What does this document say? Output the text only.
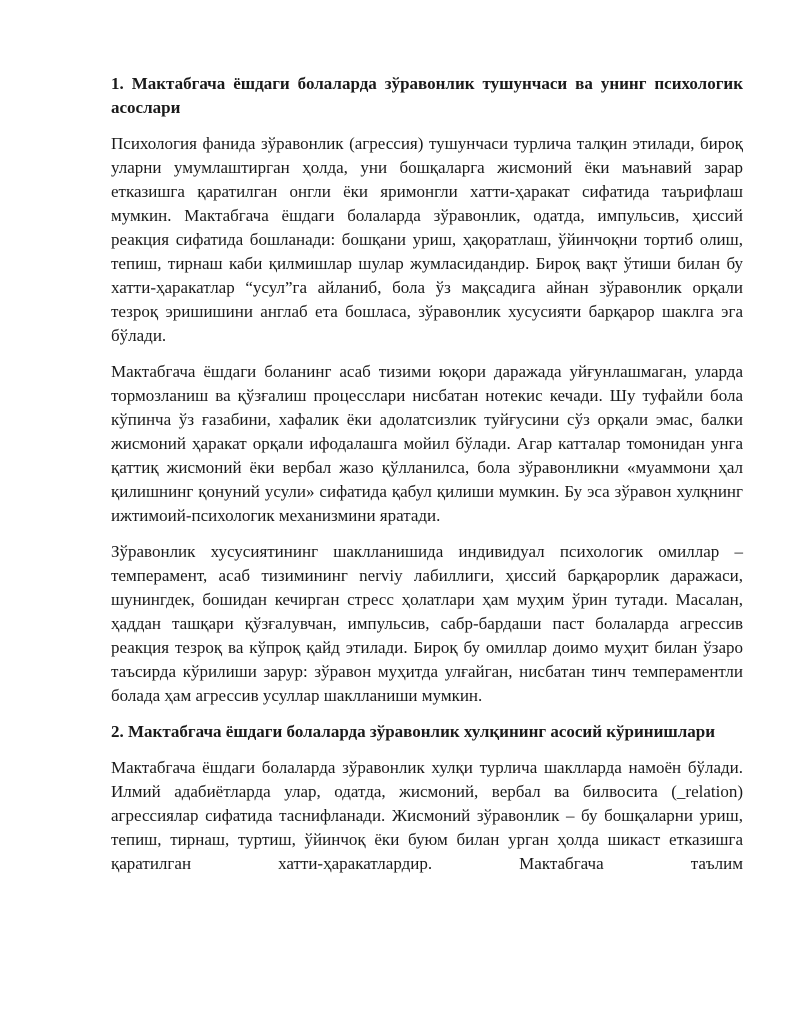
1. Мактабгача ёшдаги болаларда зўравонлик тушунчаси ва унинг психологик асослари

Психология фанида зўравонлик (агрессия) тушунчаси турлича талқин этилади, бироқ уларни умумлаштирган ҳолда, уни бошқаларга жисмоний ёки маънавий зарар етказишга қаратилган онгли ёки яримонгли хатти-ҳаракат сифатида таърифлаш мумкин. Мактабгача ёшдаги болаларда зўравонлик, одатда, импульсив, ҳиссий реакция сифатида бошланади: бошқани уриш, ҳақоратлаш, ўйинчоқни тортиб олиш, тепиш, тирнаш каби қилмишлар шулар жумласидандир. Бироқ вақт ўтиши билан бу хатти-ҳаракатлар “усул”га айланиб, бола ўз мақсадига айнан зўравонлик орқали тезроқ эришишини англаб ета бошласа, зўравонлик хусусияти барқарор шаклга эга бўлади.

Мактабгача ёшдаги боланинг асаб тизими юқори даражада уйғунлашмаган, уларда тормозланиш ва қўзғалиш процесслари нисбатан нотекис кечади. Шу туфайли бола кўпинча ўз ғазабини, хафалик ёки адолатсизлик туйғусини сўз орқали эмас, балки жисмоний ҳаракат орқали ифодалашга мойил бўлади. Агар катталар томонидан унга қаттиқ жисмоний ёки вербал жазо қўлланилса, бола зўравонликни «муаммони ҳал қилишнинг қонуний усули» сифатида қабул қилиши мумкин. Бу эса зўравон хулқнинг ижтимоий-психологик механизмини яратади.

Зўравонлик хусусиятининг шаклланишида индивидуал психологик омиллар – темперамент, асаб тизимининг nerviy лабиллиги, ҳиссий барқарорлик даражаси, шунингдек, бошидан кечирган стресс ҳолатлари ҳам муҳим ўрин тутади. Масалан, ҳаддан ташқари қўзғалувчан, импульсив, сабр-бардаши паст болаларда агрессив реакция тезроқ ва кўпроқ қайд этилади. Бироқ бу омиллар доимо муҳит билан ўзаро таъсирда кўрилиши зарур: зўравон муҳитда улғайган, нисбатан тинч темпераментли болада ҳам агрессив усуллар шаклланиши мумкин.

2. Мактабгача ёшдаги болаларда зўравонлик хулқининг асосий кўринишлари

Мактабгача ёшдаги болаларда зўравонлик хулқи турлича шаклларда намоён бўлади. Илмий адабиётларда улар, одатда, жисмоний, вербал ва билвосита (_relation) агрессиялар сифатида таснифланади. Жисмоний зўравонлик – бу бошқаларни уриш, тепиш, тирнаш, туртиш, ўйинчоқ ёки буюм билан урган ҳолда шикаст етказишга қаратилган хатти-ҳаракатлардир. Мактабгача таълим
